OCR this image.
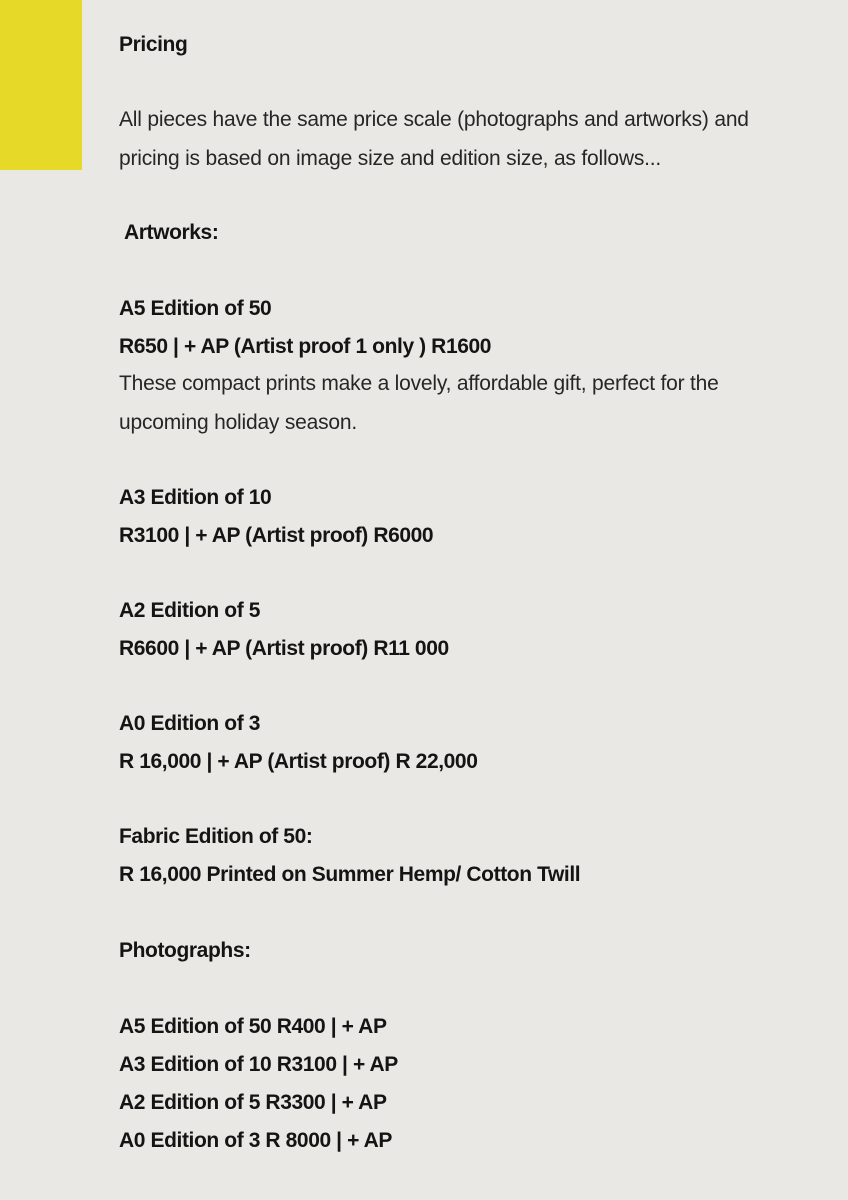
Pricing
All pieces have the same price scale (photographs and artworks) and
pricing is based on image size and edition size, as follows...
Artworks:
A5 Edition of 50
R650 | + AP (Artist proof 1 only ) R1600
These compact prints make a lovely, affordable gift, perfect for the
upcoming holiday season.
A3 Edition of 10
R3100 | + AP (Artist proof) R6000
A2 Edition of 5
R6600 | + AP (Artist proof) R11 000
A0 Edition of 3
R 16,000 | + AP (Artist proof) R 22,000
Fabric Edition of 50:
R 16,000 Printed on Summer Hemp/ Cotton Twill
Photographs:
A5 Edition of 50 R400 | + AP
A3 Edition of 10 R3100 | + AP
A2 Edition of 5 R3300 | + AP
A0 Edition of 3 R 8000 | + AP
